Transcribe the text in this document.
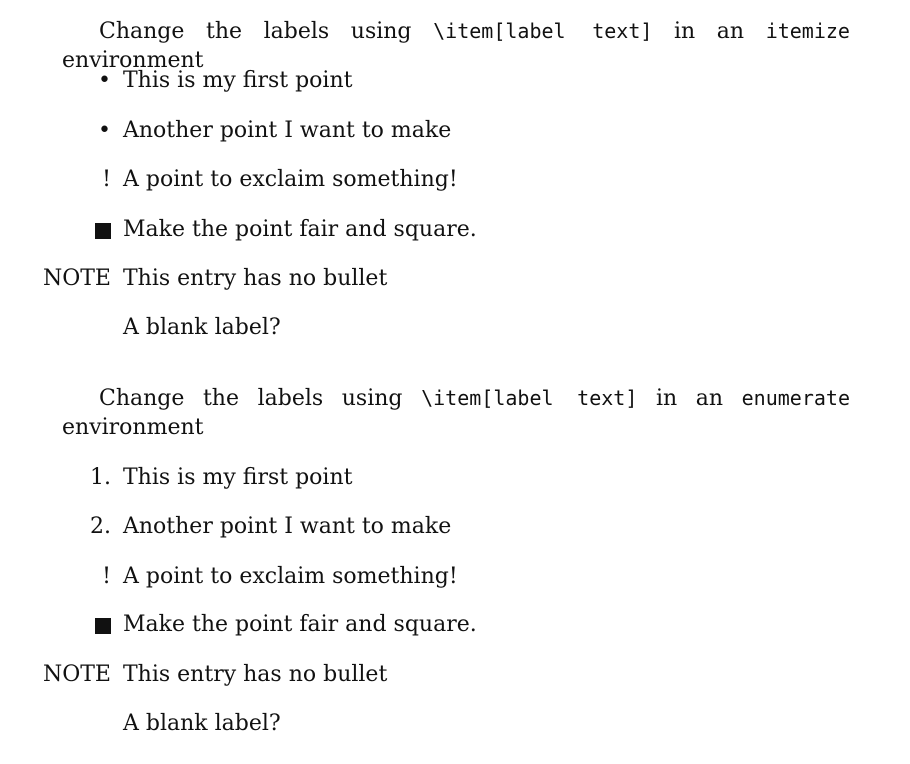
Change the labels using \item[label text] in an itemize environment

• This is my first point
• Another point I want to make
! A point to exclaim something!
Make the point fair and square.
NOTE This entry has no bullet
A blank label?

Change the labels using \item[label text] in an enumerate environment

1. This is my first point
2. Another point I want to make
! A point to exclaim something!
Make the point fair and square.
NOTE This entry has no bullet
A blank label?
